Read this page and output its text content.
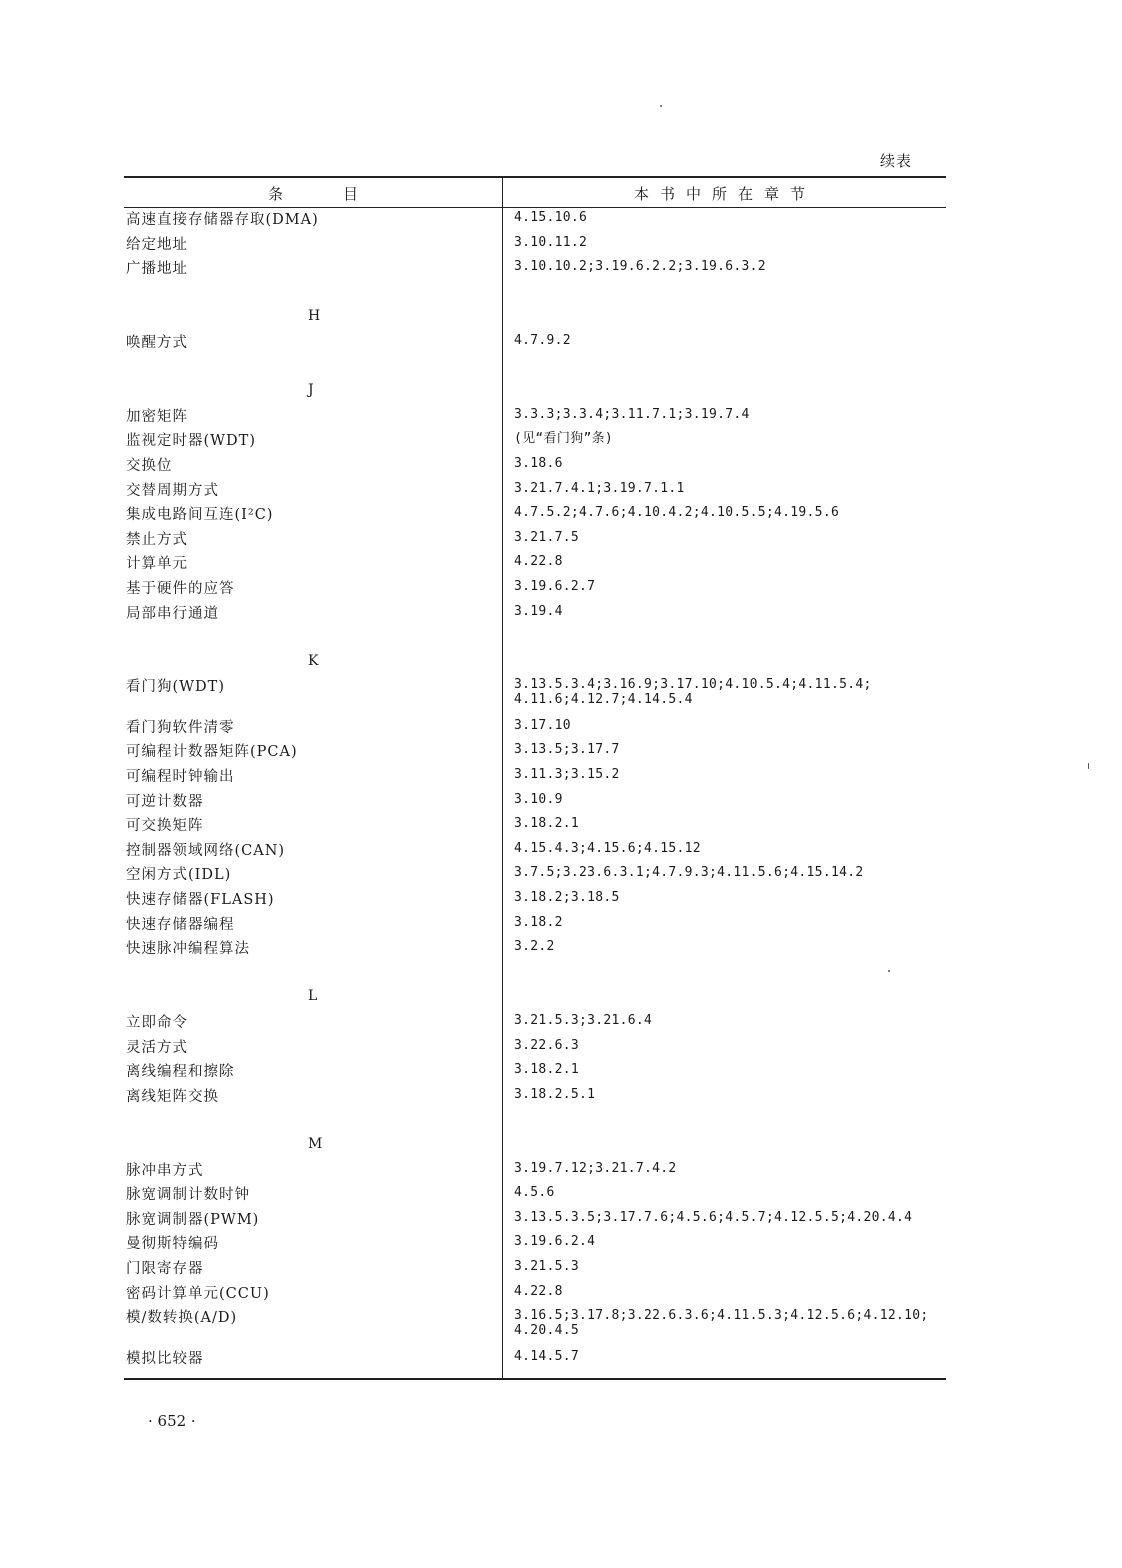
续表
条目	本书中所在章节
高速直接存储器存取(DMA)	4.15.10.6
给定地址	3.10.11.2
广播地址	3.10.10.2;3.19.6.2.2;3.19.6.3.2
H
唤醒方式	4.7.9.2
J
加密矩阵	3.3.3;3.3.4;3.11.7.1;3.19.7.4
监视定时器(WDT)	(见“看门狗”条)
交换位	3.18.6
交替周期方式	3.21.7.4.1;3.19.7.1.1
集成电路间互连(I²C)	4.7.5.2;4.7.6;4.10.4.2;4.10.5.5;4.19.5.6
禁止方式	3.21.7.5
计算单元	4.22.8
基于硬件的应答	3.19.6.2.7
局部串行通道	3.19.4
K
看门狗(WDT)	3.13.5.3.4;3.16.9;3.17.10;4.10.5.4;4.11.5.4;
4.11.6;4.12.7;4.14.5.4
看门狗软件清零	3.17.10
可编程计数器矩阵(PCA)	3.13.5;3.17.7
可编程时钟输出	3.11.3;3.15.2
可逆计数器	3.10.9
可交换矩阵	3.18.2.1
控制器领域网络(CAN)	4.15.4.3;4.15.6;4.15.12
空闲方式(IDL)	3.7.5;3.23.6.3.1;4.7.9.3;4.11.5.6;4.15.14.2
快速存储器(FLASH)	3.18.2;3.18.5
快速存储器编程	3.18.2
快速脉冲编程算法	3.2.2
L
立即命令	3.21.5.3;3.21.6.4
灵活方式	3.22.6.3
离线编程和擦除	3.18.2.1
离线矩阵交换	3.18.2.5.1
M
脉冲串方式	3.19.7.12;3.21.7.4.2
脉宽调制计数时钟	4.5.6
脉宽调制器(PWM)	3.13.5.3.5;3.17.7.6;4.5.6;4.5.7;4.12.5.5;4.20.4.4
曼彻斯特编码	3.19.6.2.4
门限寄存器	3.21.5.3
密码计算单元(CCU)	4.22.8
模/数转换(A/D)	3.16.5;3.17.8;3.22.6.3.6;4.11.5.3;4.12.5.6;4.12.10;
4.20.4.5
模拟比较器	4.14.5.7
· 652 ·
